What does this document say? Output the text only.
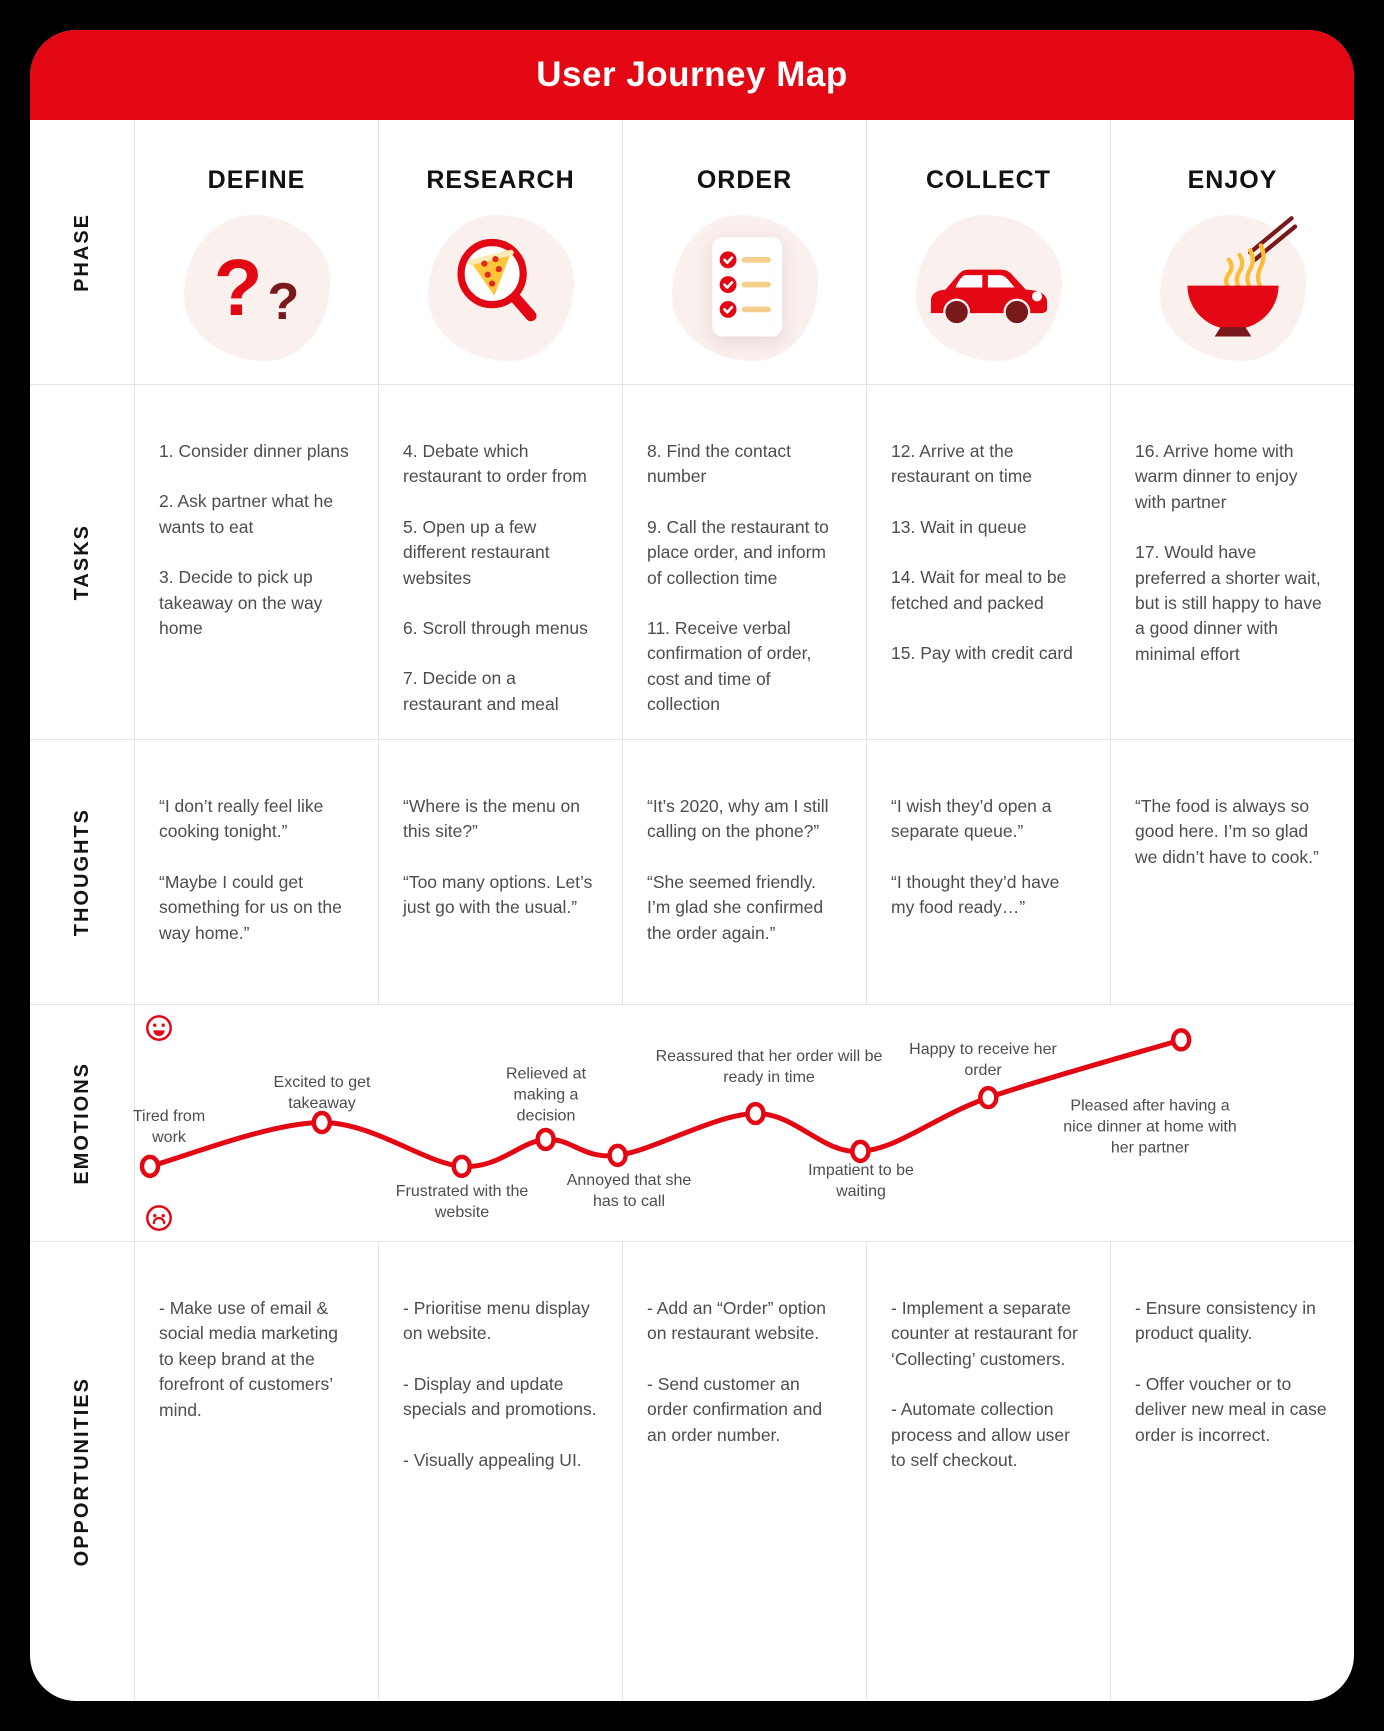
User Journey Map
PHASE
TASKS
THOUGHTS
EMOTIONS
OPPORTUNITIES
DEFINE
? ?

1. Consider dinner plans

2. Ask partner what he wants to eat

3. Decide to pick up takeaway on the way home

“I don’t really feel like cooking tonight.”

“Maybe I could get something for us on the way home.”

- Make use of email & social media marketing to keep brand at the forefront of customers’ mind.

RESEARCH

4. Debate which restaurant to order from

5. Open up a few different restaurant websites

6. Scroll through menus

7. Decide on a restaurant and meal

“Where is the menu on this site?”

“Too many options. Let’s just go with the usual.”

- Prioritise menu display on website.

- Display and update specials and promotions.

- Visually appealing UI.

ORDER

8. Find the contact number

9. Call the restaurant to place order, and inform of collection time

11. Receive verbal confirmation of order, cost and time of collection

“It’s 2020, why am I still calling on the phone?”

“She seemed friendly. I’m glad she confirmed the order again.”

- Add an “Order” option on restaurant website.

- Send customer an order confirmation and an order number.

COLLECT

12. Arrive at the restaurant on time

13. Wait in queue

14. Wait for meal to be fetched and packed

15. Pay with credit card

“I wish they’d open a separate queue.”

“I thought they’d have my food ready…”

- Implement a separate counter at restaurant for ‘Collecting’ customers.

- Automate collection process and allow user to self checkout.

ENJOY

16. Arrive home with warm dinner to enjoy with partner

17. Would have preferred a shorter wait, but is still happy to have a good dinner with minimal effort

“The food is always so good here. I’m so glad we didn’t have to cook.”

- Ensure consistency in product quality.

- Offer voucher or to deliver new meal in case order is incorrect.

Tired from work
Excited to get takeaway
Frustrated with the website
Relieved at making a decision
Annoyed that she has to call
Reassured that her order will be ready in time
Impatient to be waiting
Happy to receive her order
Pleased after having a nice dinner at home with her partner
